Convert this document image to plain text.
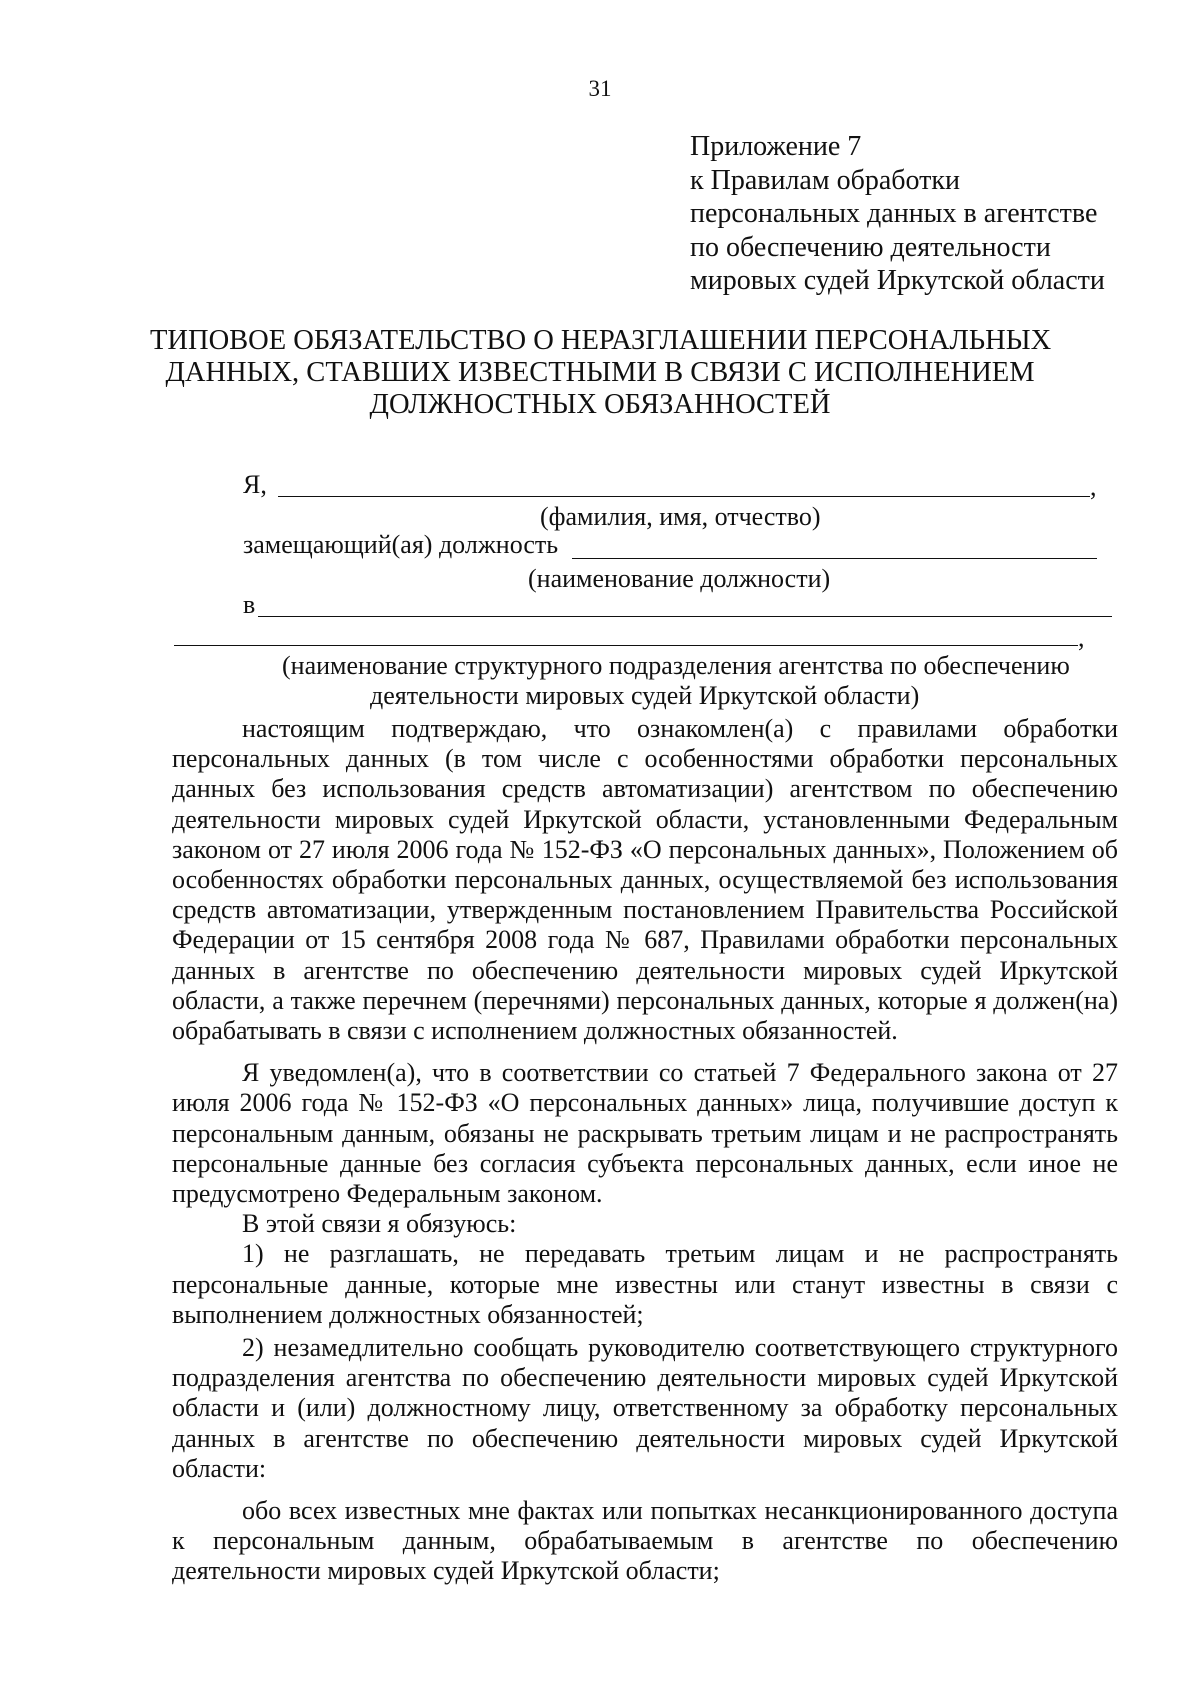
31
Приложение 7
к Правилам обработки
персональных данных в агентстве
по обеспечению деятельности
мировых судей Иркутской области
ТИПОВОЕ ОБЯЗАТЕЛЬСТВО О НЕРАЗГЛАШЕНИИ ПЕРСОНАЛЬНЫХ
ДАННЫХ, СТАВШИХ ИЗВЕСТНЫМИ В СВЯЗИ С ИСПОЛНЕНИЕМ
ДОЛЖНОСТНЫХ ОБЯЗАННОСТЕЙ
Я,	,
(фамилия, имя, отчество)
замещающий(ая) должность
(наименование должности)
в
,
(наименование структурного подразделения агентства по обеспечению
деятельности мировых судей Иркутской области)

настоящим подтверждаю, что ознакомлен(а) с правилами обработки персональных данных (в том числе с особенностями обработки персональных данных без использования средств автоматизации) агентством по обеспечению деятельности мировых судей Иркутской области, установленными Федеральным законом от 27 июля 2006 года № 152-ФЗ «О персональных данных», Положением об особенностях обработки персональных данных, осуществляемой без использования средств автоматизации, утвержденным постановлением Правительства Российской Федерации от 15 сентября 2008 года № 687, Правилами обработки персональных данных в агентстве по обеспечению деятельности мировых судей Иркутской области, а также перечнем (перечнями) персональных данных, которые я должен(на) обрабатывать в связи с исполнением должностных обязанностей.

Я уведомлен(а), что в соответствии со статьей 7 Федерального закона от 27 июля 2006 года № 152-ФЗ «О персональных данных» лица, получившие доступ к персональным данным, обязаны не раскрывать третьим лицам и не распространять персональные данные без согласия субъекта персональных данных, если иное не предусмотрено Федеральным законом.

В этой связи я обязуюсь:

1) не разглашать, не передавать третьим лицам и не распространять персональные данные, которые мне известны или станут известны в связи с выполнением должностных обязанностей;

2) незамедлительно сообщать руководителю соответствующего структурного подразделения агентства по обеспечению деятельности мировых судей Иркутской области и (или) должностному лицу, ответственному за обработку персональных данных в агентстве по обеспечению деятельности мировых судей Иркутской области:

обо всех известных мне фактах или попытках несанкционированного доступа к персональным данным, обрабатываемым в агентстве по обеспечению деятельности мировых судей Иркутской области;
